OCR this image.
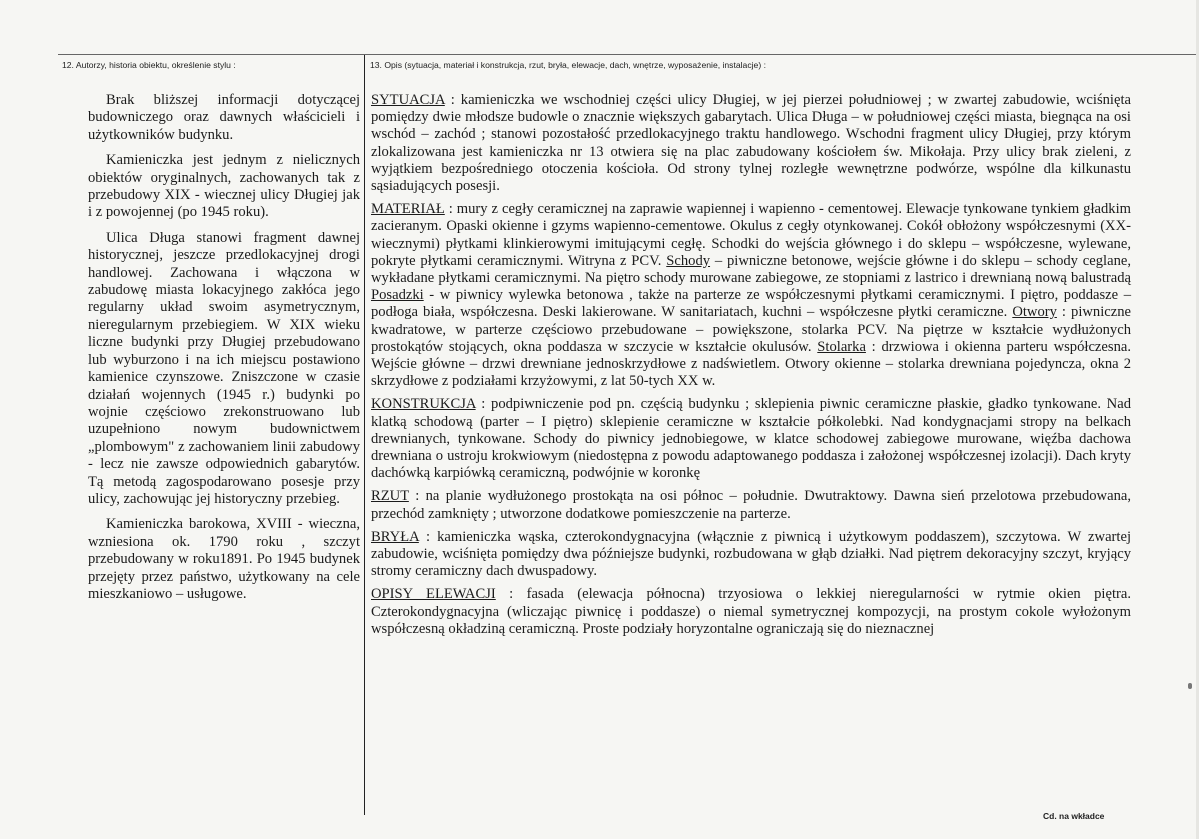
12. Autorzy, historia obiektu, określenie stylu :	13. Opis (sytuacja, materiał i konstrukcja, rzut, bryła, elewacje, dach, wnętrze, wyposażenie, instalacje) :

Brak bliższej informacji dotyczącej budowniczego oraz dawnych właścicieli i użytkowników budynku.

Kamieniczka jest jednym z nielicznych obiektów oryginalnych, zachowanych tak z przebudowy XIX - wiecznej ulicy Długiej jak i z powojennej (po 1945 roku).

Ulica Długa stanowi fragment dawnej historycznej, jeszcze przedlokacyjnej drogi handlowej. Zachowana i włączona w zabudowę miasta lokacyjnego zakłóca jego regularny układ swoim asymetrycznym, nieregularnym przebiegiem. W XIX wieku liczne budynki przy Długiej przebudowano lub wyburzono i na ich miejscu postawiono kamienice czynszowe. Zniszczone w czasie działań wojennych (1945 r.) budynki po wojnie częściowo zrekonstruowano lub uzupełniono nowym budownictwem „plombowym" z zachowaniem linii zabudowy - lecz nie zawsze odpowiednich gabarytów. Tą metodą zagospodarowano posesje przy ulicy, zachowując jej historyczny przebieg.

Kamieniczka barokowa, XVIII - wieczna, wzniesiona ok. 1790 roku , szczyt przebudowany w roku1891. Po 1945 budynek przejęty przez państwo, użytkowany na cele mieszkaniowo – usługowe.

SYTUACJA : kamieniczka we wschodniej części ulicy Długiej, w jej pierzei południowej ; w zwartej zabudowie, wciśnięta pomiędzy dwie młodsze budowle o znacznie większych gabarytach. Ulica Długa – w południowej części miasta, biegnąca na osi wschód – zachód ; stanowi pozostałość przedlokacyjnego traktu handlowego. Wschodni fragment ulicy Długiej, przy którym zlokalizowana jest kamieniczka nr 13 otwiera się na plac zabudowany kościołem św. Mikołaja. Przy ulicy brak zieleni, z wyjątkiem bezpośredniego otoczenia kościoła. Od strony tylnej rozległe wewnętrzne podwórze, wspólne dla kilkunastu sąsiadujących posesji.

MATERIAŁ : mury z cegły ceramicznej na zaprawie wapiennej i wapienno - cementowej. Elewacje tynkowane tynkiem gładkim zacieranym. Opaski okienne i gzyms wapienno-cementowe. Okulus z cegły otynkowanej. Cokół obłożony współczesnymi (XX-wiecznymi) płytkami klinkierowymi imitującymi cegłę. Schodki do wejścia głównego i do sklepu – współczesne, wylewane, pokryte płytkami ceramicznymi. Witryna z PCV. Schody – piwniczne betonowe, wejście główne i do sklepu – schody ceglane, wykładane płytkami ceramicznymi. Na piętro schody murowane zabiegowe, ze stopniami z lastrico i drewnianą nową balustradą Posadzki - w piwnicy wylewka betonowa , także na parterze ze współczesnymi płytkami ceramicznymi. I piętro, poddasze – podłoga biała, współczesna. Deski lakierowane. W sanitariatach, kuchni – współczesne płytki ceramiczne. Otwory : piwniczne kwadratowe, w parterze częściowo przebudowane – powiększone, stolarka PCV. Na piętrze w kształcie wydłużonych prostokątów stojących, okna poddasza w szczycie w kształcie okulusów. Stolarka : drzwiowa i okienna parteru współczesna. Wejście główne – drzwi drewniane jednoskrzydłowe z nadświetlem. Otwory okienne – stolarka drewniana pojedyncza, okna 2 skrzydłowe z podziałami krzyżowymi, z lat 50-tych XX w.

KONSTRUKCJA : podpiwniczenie pod pn. częścią budynku ; sklepienia piwnic ceramiczne płaskie, gładko tynkowane. Nad klatką schodową (parter – I piętro) sklepienie ceramiczne w kształcie półkolebki. Nad kondygnacjami stropy na belkach drewnianych, tynkowane. Schody do piwnicy jednobiegowe, w klatce schodowej zabiegowe murowane, więźba dachowa drewniana o ustroju krokwiowym (niedostępna z powodu adaptowanego poddasza i założonej współczesnej izolacji). Dach kryty dachówką karpiówką ceramiczną, podwójnie w koronkę

RZUT : na planie wydłużonego prostokąta na osi północ – południe. Dwutraktowy. Dawna sień przelotowa przebudowana, przechód zamknięty ; utworzone dodatkowe pomieszczenie na parterze.

BRYŁA : kamieniczka wąska, czterokondygnacyjna (włącznie z piwnicą i użytkowym poddaszem), szczytowa. W zwartej zabudowie, wciśnięta pomiędzy dwa późniejsze budynki, rozbudowana w głąb działki. Nad piętrem dekoracyjny szczyt, kryjący stromy ceramiczny dach dwuspadowy.

OPISY ELEWACJI : fasada (elewacja północna) trzyosiowa o lekkiej nieregularności w rytmie okien piętra. Czterokondygnacyjna (wliczając piwnicę i poddasze) o niemal symetrycznej kompozycji, na prostym cokole wyłożonym współczesną okładziną ceramiczną. Proste podziały horyzontalne ograniczają się do nieznacznej

Cd. na wkładce
